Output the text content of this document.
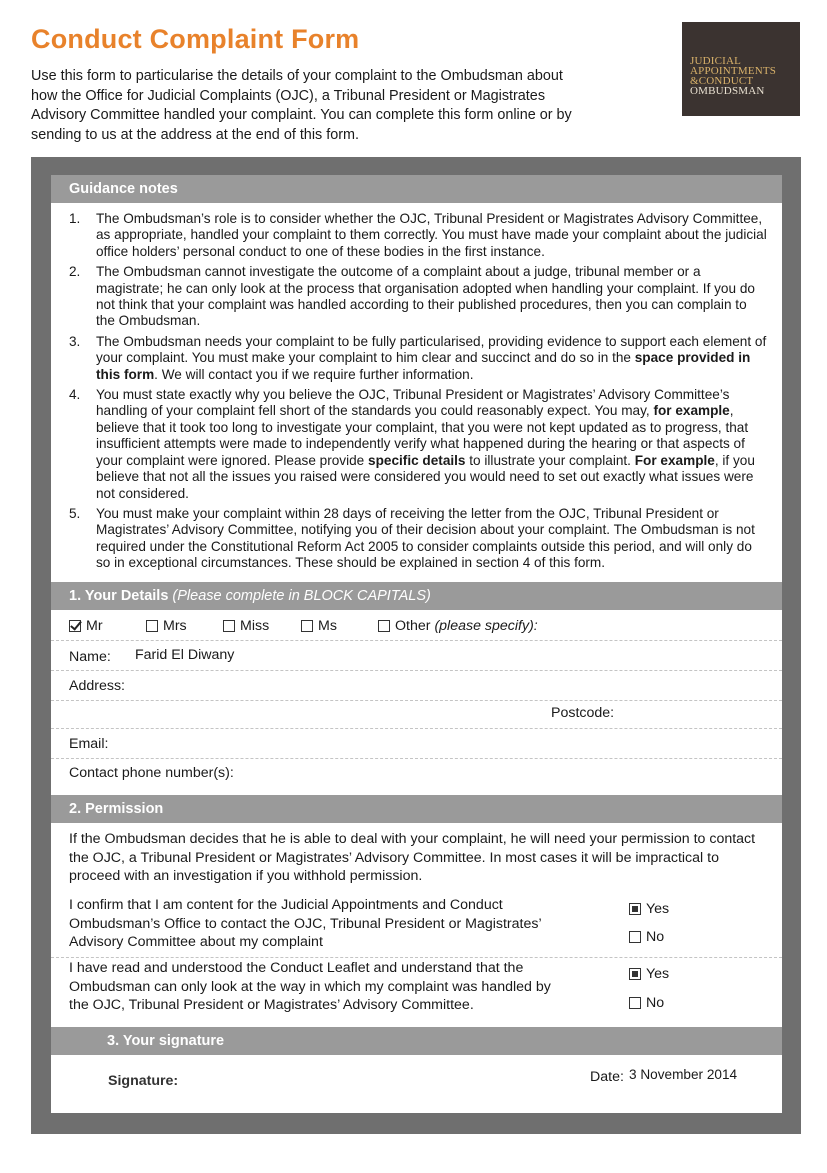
Conduct Complaint Form
Use this form to particularise the details of your complaint to the Ombudsman about how the Office for Judicial Complaints (OJC), a Tribunal President or Magistrates Advisory Committee handled your complaint. You can complete this form online or by sending to us at the address at the end of this form.
JUDICIAL
APPOINTMENTS
&CONDUCT
OMBUDSMAN
Guidance notes
1. The Ombudsman’s role is to consider whether the OJC, Tribunal President or Magistrates Advisory Committee, as appropriate, handled your complaint to them correctly. You must have made your complaint about the judicial office holders’ personal conduct to one of these bodies in the first instance.
2. The Ombudsman cannot investigate the outcome of a complaint about a judge, tribunal member or a magistrate; he can only look at the process that organisation adopted when handling your complaint. If you do not think that your complaint was handled according to their published procedures, then you can complain to the Ombudsman.
3. The Ombudsman needs your complaint to be fully particularised, providing evidence to support each element of your complaint. You must make your complaint to him clear and succinct and do so in the space provided in this form. We will contact you if we require further information.
4. You must state exactly why you believe the OJC, Tribunal President or Magistrates’ Advisory Committee’s handling of your complaint fell short of the standards you could reasonably expect. You may, for example, believe that it took too long to investigate your complaint, that you were not kept updated as to progress, that insufficient attempts were made to independently verify what happened during the hearing or that aspects of your complaint were ignored. Please provide specific details to illustrate your complaint. For example, if you believe that not all the issues you raised were considered you would need to set out exactly what issues were not considered.
5. You must make your complaint within 28 days of receiving the letter from the OJC, Tribunal President or Magistrates’ Advisory Committee, notifying you of their decision about your complaint. The Ombudsman is not required under the Constitutional Reform Act 2005 to consider complaints outside this period, and will only do so in exceptional circumstances. These should be explained in section 4 of this form.
1. Your Details (Please complete in BLOCK CAPITALS)
Mr	Mrs	Miss	Ms	Other (please specify):
Name: Farid El Diwany
Address:
Postcode:
Email:
Contact phone number(s):
2. Permission
If the Ombudsman decides that he is able to deal with your complaint, he will need your permission to contact the OJC, a Tribunal President or Magistrates’ Advisory Committee. In most cases it will be impractical to proceed with an investigation if you withhold permission.
I confirm that I am content for the Judicial Appointments and Conduct Ombudsman’s Office to contact the OJC, Tribunal President or Magistrates’ Advisory Committee about my complaint
Yes
No
I have read and understood the Conduct Leaflet and understand that the Ombudsman can only look at the way in which my complaint was handled by the OJC, Tribunal President or Magistrates’ Advisory Committee.
Yes
No
3. Your signature
Signature:	Date: 3 November 2014
